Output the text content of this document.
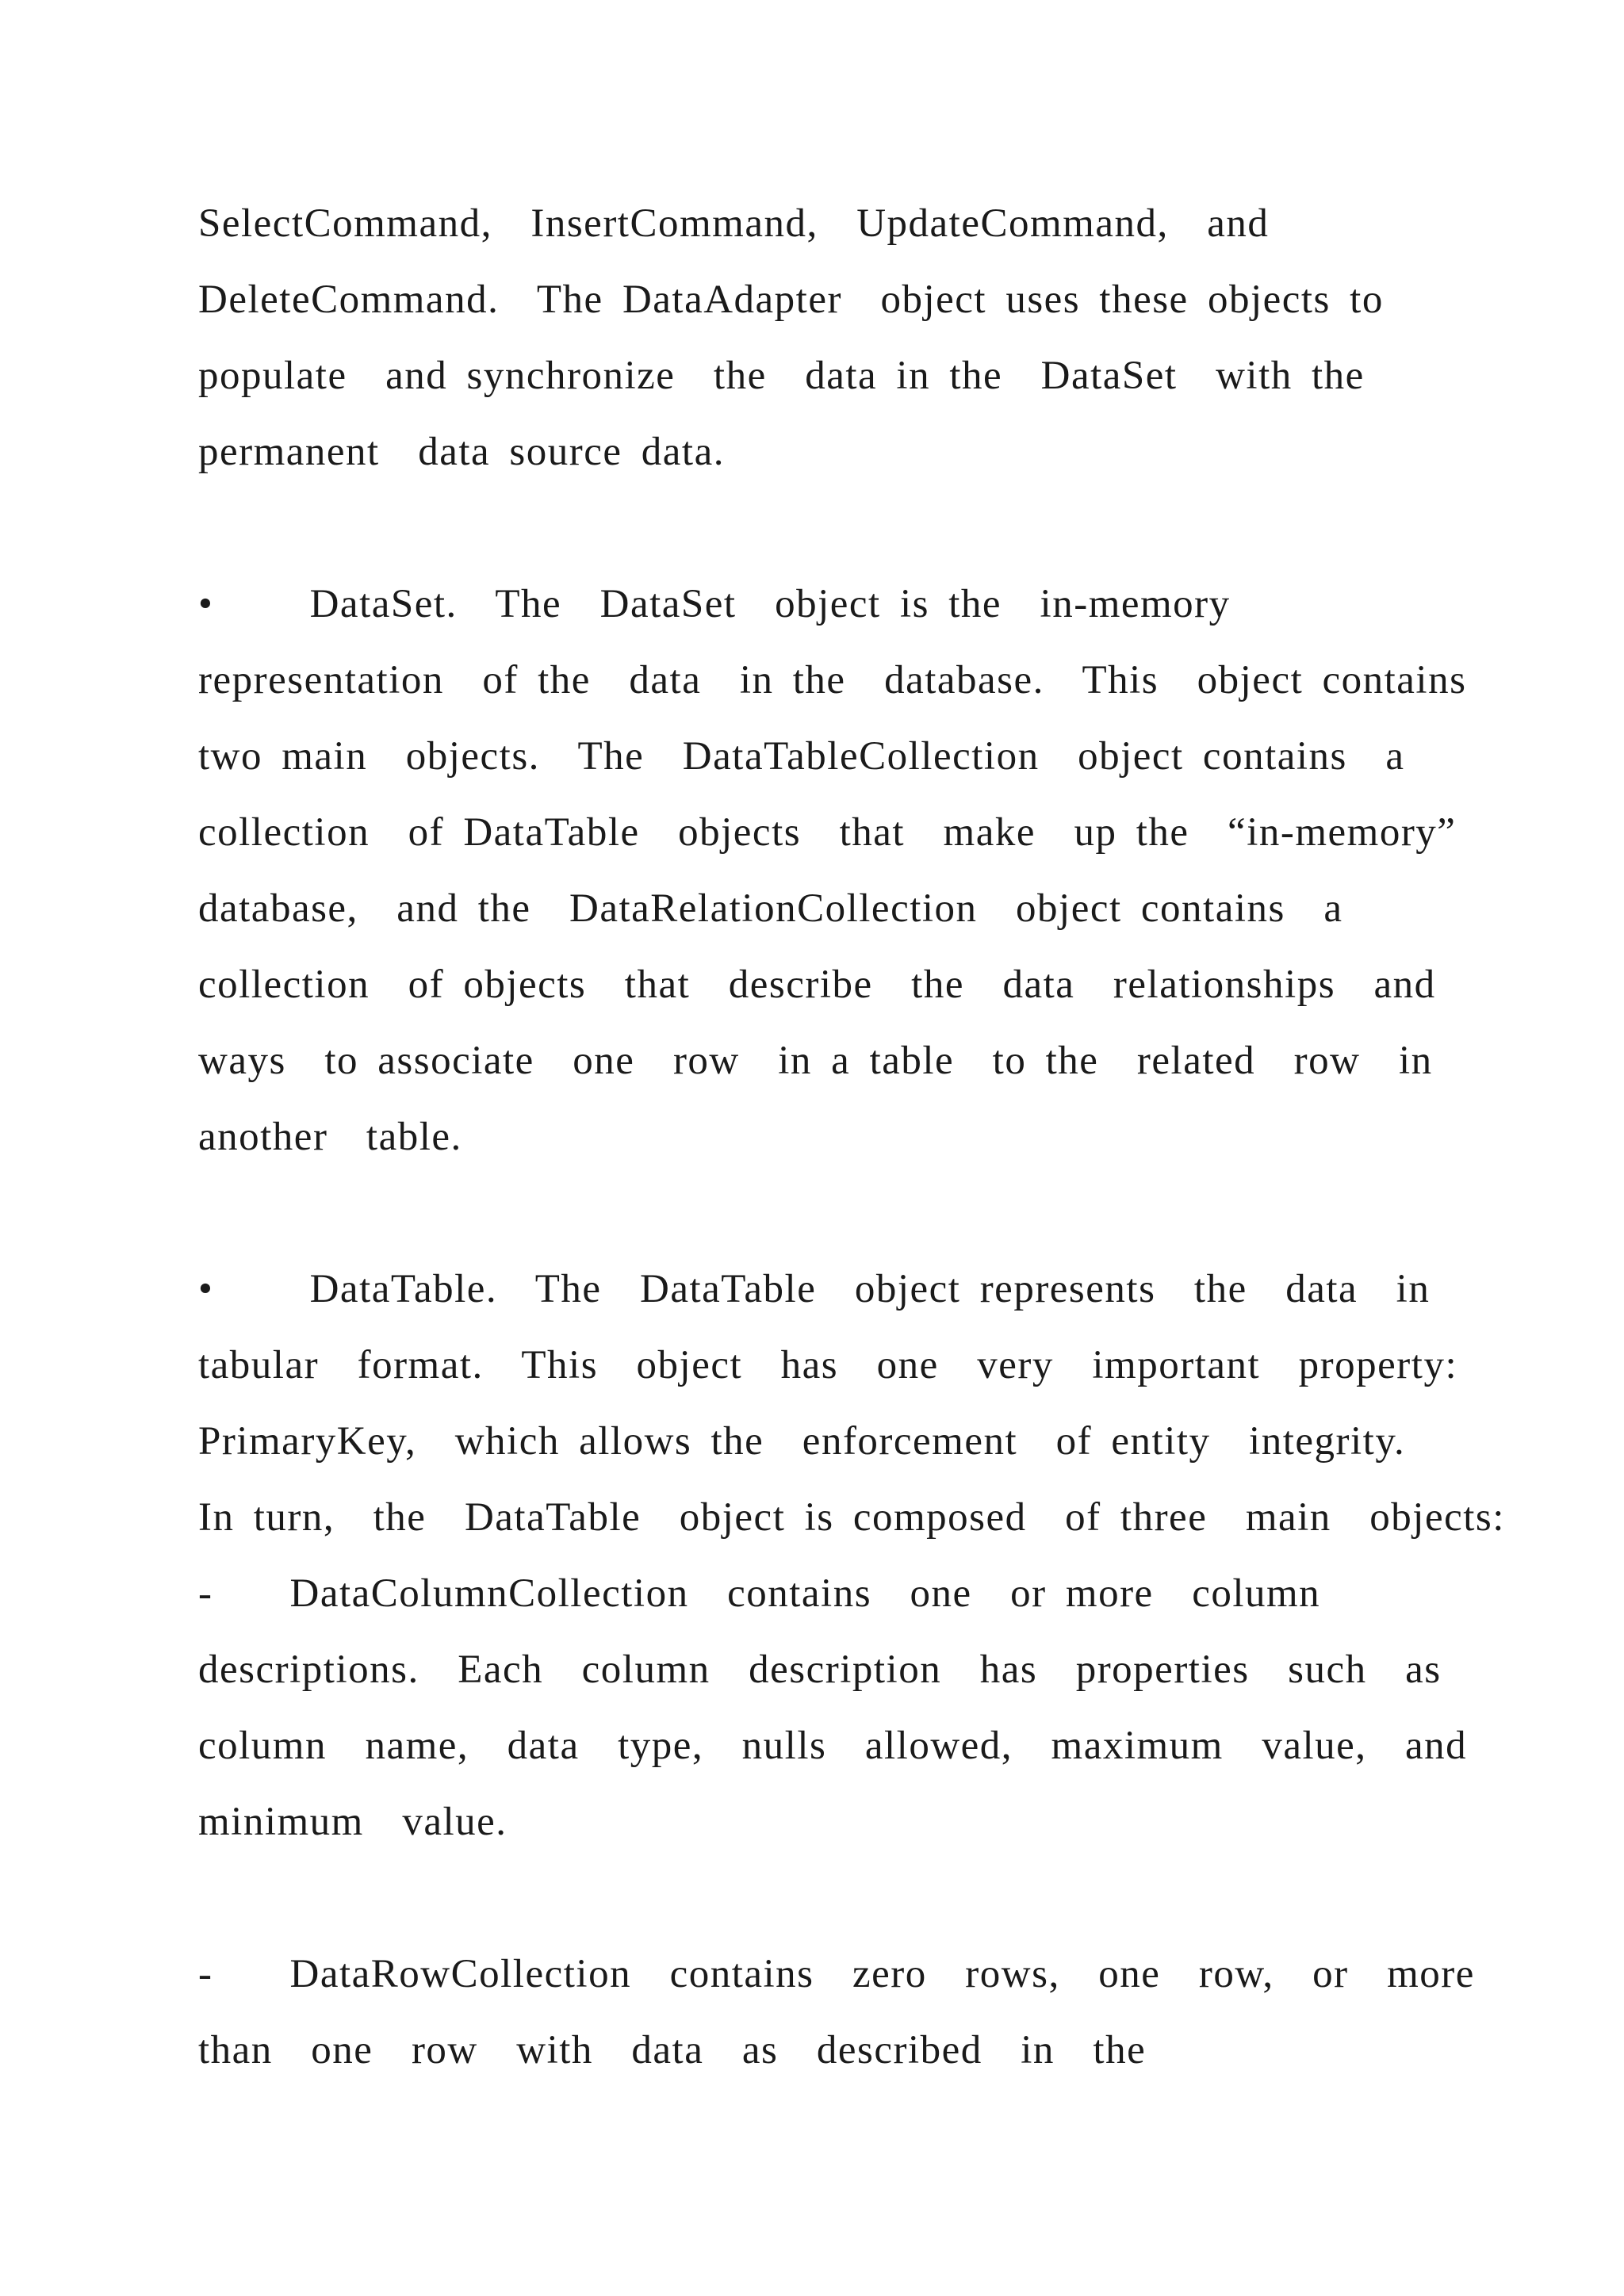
SelectCommand,  InsertCommand,  UpdateCommand,  and

DeleteCommand.  The DataAdapter  object uses these objects to

populate  and synchronize  the  data in the  DataSet  with the

permanent  data source data.

•     DataSet.  The  DataSet  object is the  in-memory

representation  of the  data  in the  database.  This  object contains

two main  objects.  The  DataTableCollection  object contains  a

collection  of DataTable  objects  that  make  up the  “in-memory”

database,  and the  DataRelationCollection  object contains  a

collection  of objects  that  describe  the  data  relationships  and

ways  to associate  one  row  in a table  to the  related  row  in

another  table.

•     DataTable.  The  DataTable  object represents  the  data  in

tabular  format.  This  object  has  one  very  important  property:

PrimaryKey,  which allows the  enforcement  of entity  integrity.

In turn,  the  DataTable  object is composed  of three  main  objects:

-    DataColumnCollection  contains  one  or more  column

descriptions.  Each  column  description  has  properties  such  as

column  name,  data  type,  nulls  allowed,  maximum  value,  and

minimum  value.

-    DataRowCollection  contains  zero  rows,  one  row,  or  more

than  one  row  with  data  as  described  in  the
